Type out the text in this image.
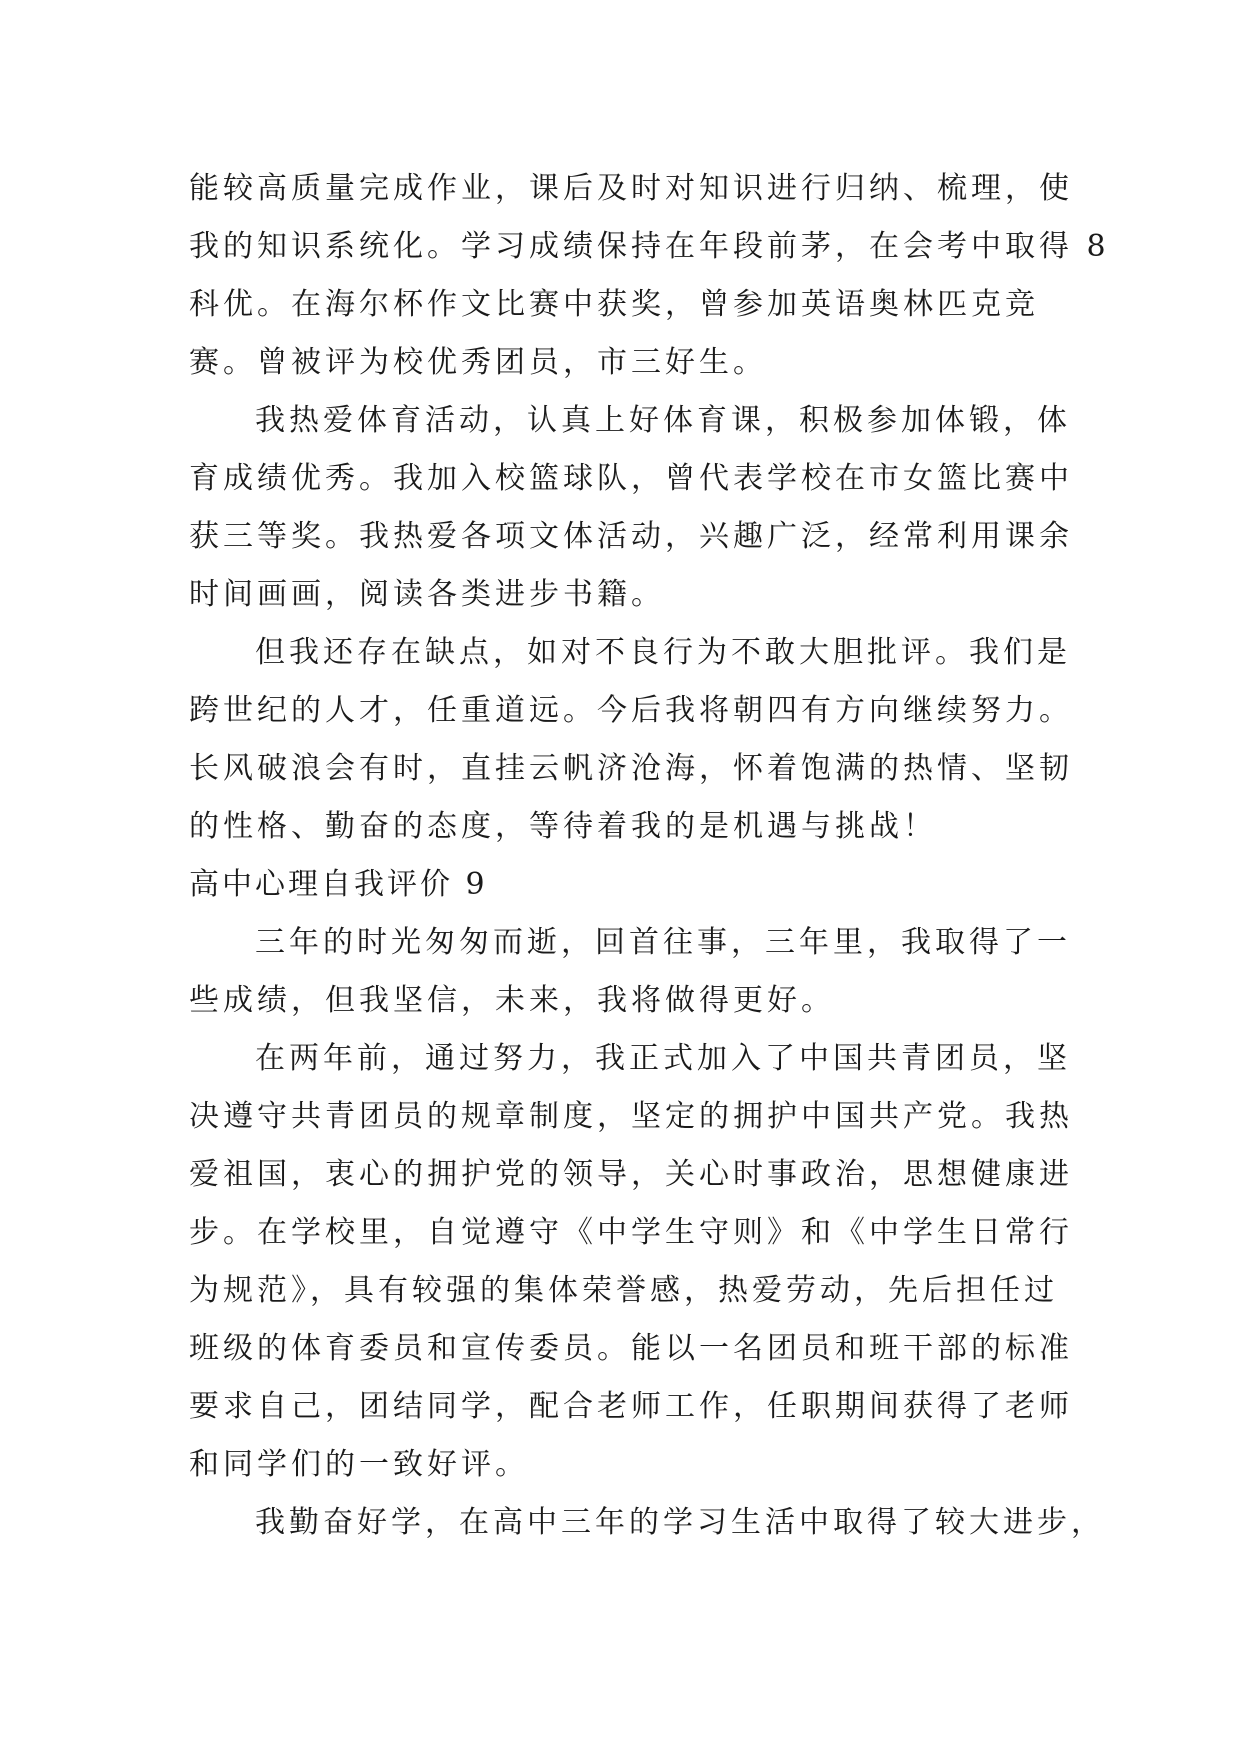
能较高质量完成作业，课后及时对知识进行归纳、梳理，使
我的知识系统化。学习成绩保持在年段前茅，在会考中取得 8
科优。在海尔杯作文比赛中获奖，曾参加英语奥林匹克竞
赛。曾被评为校优秀团员，市三好生。
我热爱体育活动，认真上好体育课，积极参加体锻，体
育成绩优秀。我加入校篮球队，曾代表学校在市女篮比赛中
获三等奖。我热爱各项文体活动，兴趣广泛，经常利用课余
时间画画，阅读各类进步书籍。
但我还存在缺点，如对不良行为不敢大胆批评。我们是
跨世纪的人才，任重道远。今后我将朝四有方向继续努力。
长风破浪会有时，直挂云帆济沧海，怀着饱满的热情、坚韧
的性格、勤奋的态度，等待着我的是机遇与挑战！
高中心理自我评价 9
三年的时光匆匆而逝，回首往事，三年里，我取得了一
些成绩，但我坚信，未来，我将做得更好。
在两年前，通过努力，我正式加入了中国共青团员，坚
决遵守共青团员的规章制度，坚定的拥护中国共产党。我热
爱祖国，衷心的拥护党的领导，关心时事政治，思想健康进
步。在学校里，自觉遵守《中学生守则》和《中学生日常行
为规范》，具有较强的集体荣誉感，热爱劳动，先后担任过
班级的体育委员和宣传委员。能以一名团员和班干部的标准
要求自己，团结同学，配合老师工作，任职期间获得了老师
和同学们的一致好评。
我勤奋好学，在高中三年的学习生活中取得了较大进步，
